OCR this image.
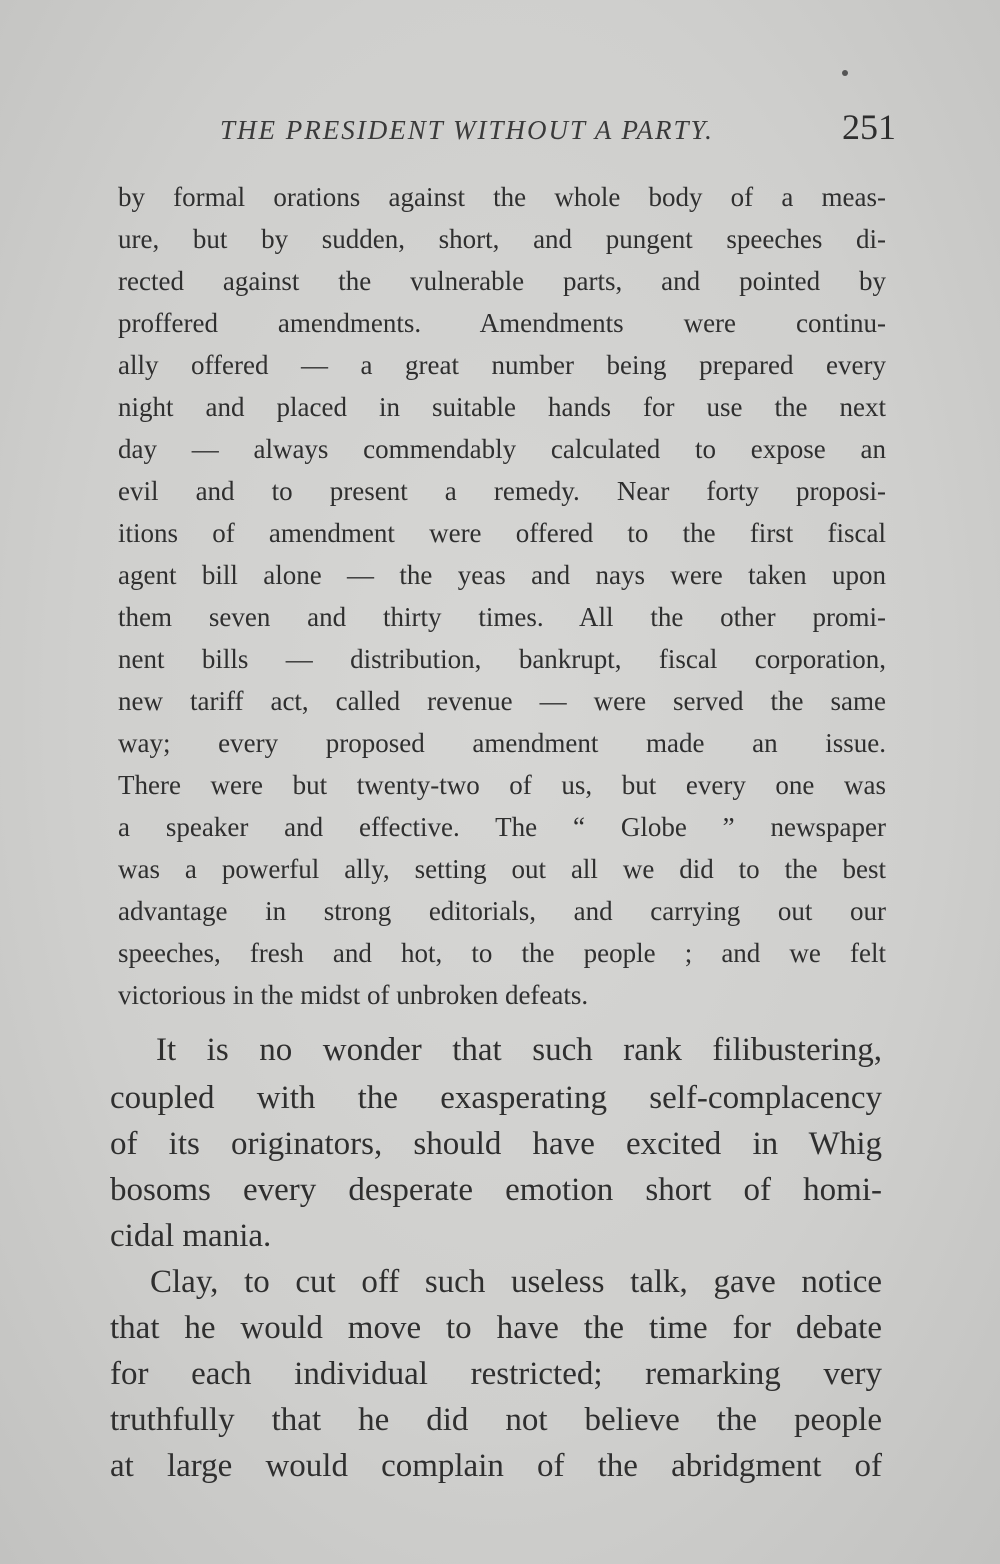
THE PRESIDENT WITHOUT A PARTY.	251
by formal orations against the whole body of a meas-
ure, but by sudden, short, and pungent speeches di-
rected against the vulnerable parts, and pointed by
proffered amendments. Amendments were continu-
ally offered — a great number being prepared every
night and placed in suitable hands for use the next
day — always commendably calculated to expose an
evil and to present a remedy. Near forty proposi-
itions of amendment were offered to the first fiscal
agent bill alone — the yeas and nays were taken upon
them seven and thirty times. All the other promi-
nent bills — distribution, bankrupt, fiscal corporation,
new tariff act, called revenue — were served the same
way; every proposed amendment made an issue.
There were but twenty-two of us, but every one was
a speaker and effective. The “ Globe ” newspaper
was a powerful ally, setting out all we did to the best
advantage in strong editorials, and carrying out our
speeches, fresh and hot, to the people ; and we felt
victorious in the midst of unbroken defeats.
It is no wonder that such rank filibustering,
coupled with the exasperating self-complacency
of its originators, should have excited in Whig
bosoms every desperate emotion short of homi-
cidal mania.
Clay, to cut off such useless talk, gave notice
that he would move to have the time for debate
for each individual restricted; remarking very
truthfully that he did not believe the people
at large would complain of the abridgment of
